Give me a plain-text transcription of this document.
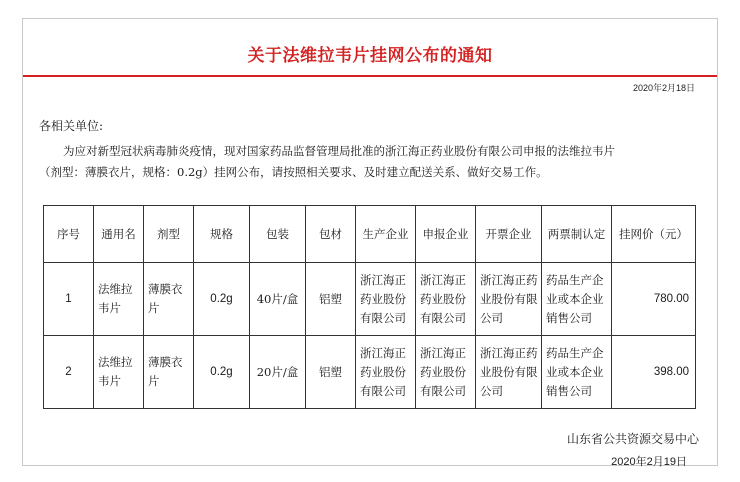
关于法维拉韦片挂网公布的通知
2020年2月18日
各相关单位:
为应对新型冠状病毒肺炎疫情，现对国家药品监督管理局批准的浙江海正药业股份有限公司申报的法维拉韦片
（剂型：薄膜衣片，规格：0.2g）挂网公布，请按照相关要求、及时建立配送关系、做好交易工作。
序号	通用名	剂型	规格	包装	包材	生产企业	申报企业	开票企业	两票制认定	挂网价（元）
1	法维拉韦片	薄膜衣片	0.2g	40片/盒	铝塑	浙江海正药业股份有限公司	浙江海正药业股份有限公司	浙江海正药业股份有限公司	药品生产企业或本企业销售公司	780.00
2	法维拉韦片	薄膜衣片	0.2g	20片/盒	铝塑	浙江海正药业股份有限公司	浙江海正药业股份有限公司	浙江海正药业股份有限公司	药品生产企业或本企业销售公司	398.00
山东省公共资源交易中心
2020年2月19日
